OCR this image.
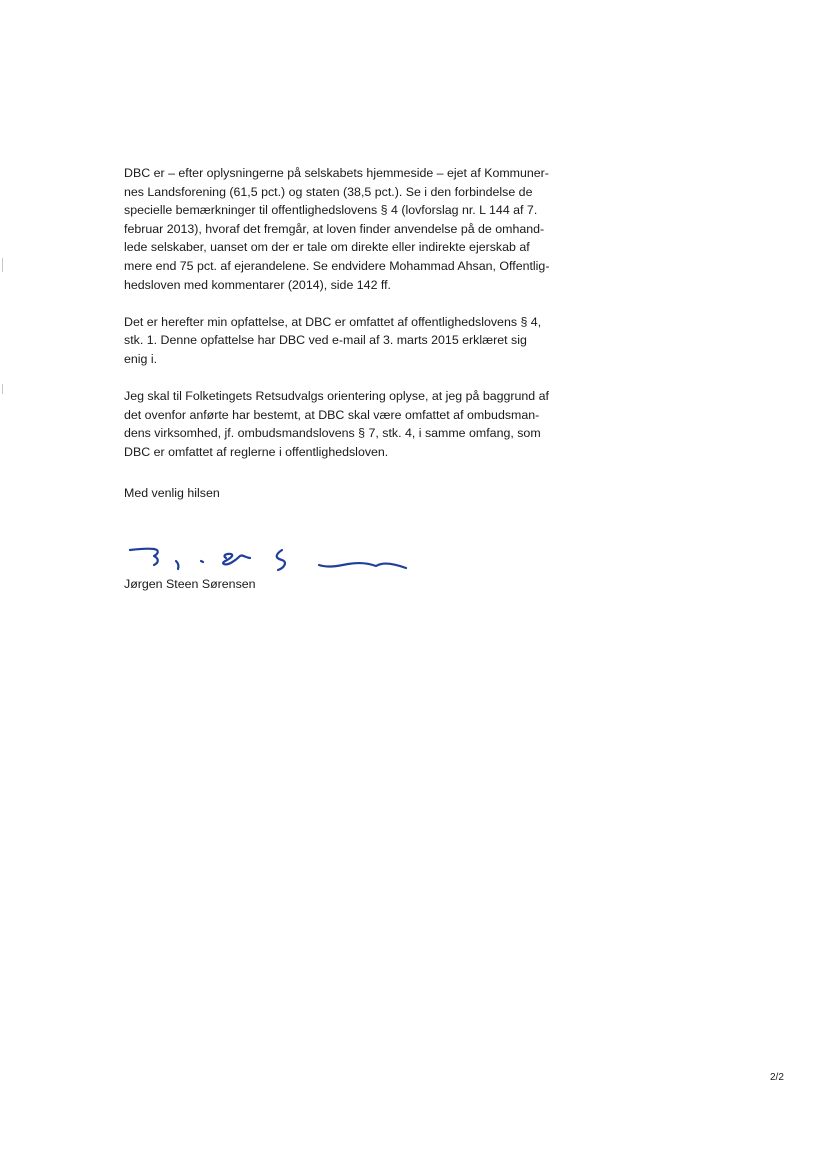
DBC er – efter oplysningerne på selskabets hjemmeside – ejet af Kommuner-
nes Landsforening (61,5 pct.) og staten (38,5 pct.). Se i den forbindelse de
specielle bemærkninger til offentlighedslovens § 4 (lovforslag nr. L 144 af 7.
februar 2013), hvoraf det fremgår, at loven finder anvendelse på de omhand-
lede selskaber, uanset om der er tale om direkte eller indirekte ejerskab af
mere end 75 pct. af ejerandelene. Se endvidere Mohammad Ahsan, Offentlig-
hedsloven med kommentarer (2014), side 142 ff.

Det er herefter min opfattelse, at DBC er omfattet af offentlighedslovens § 4,
stk. 1. Denne opfattelse har DBC ved e-mail af 3. marts 2015 erklæret sig
enig i.

Jeg skal til Folketingets Retsudvalgs orientering oplyse, at jeg på baggrund af
det ovenfor anførte har bestemt, at DBC skal være omfattet af ombudsman-
dens virksomhed, jf. ombudsmandslovens § 7, stk. 4, i samme omfang, som
DBC er omfattet af reglerne i offentlighedsloven.

Med venlig hilsen
Jørgen Steen Sørensen
2/2
